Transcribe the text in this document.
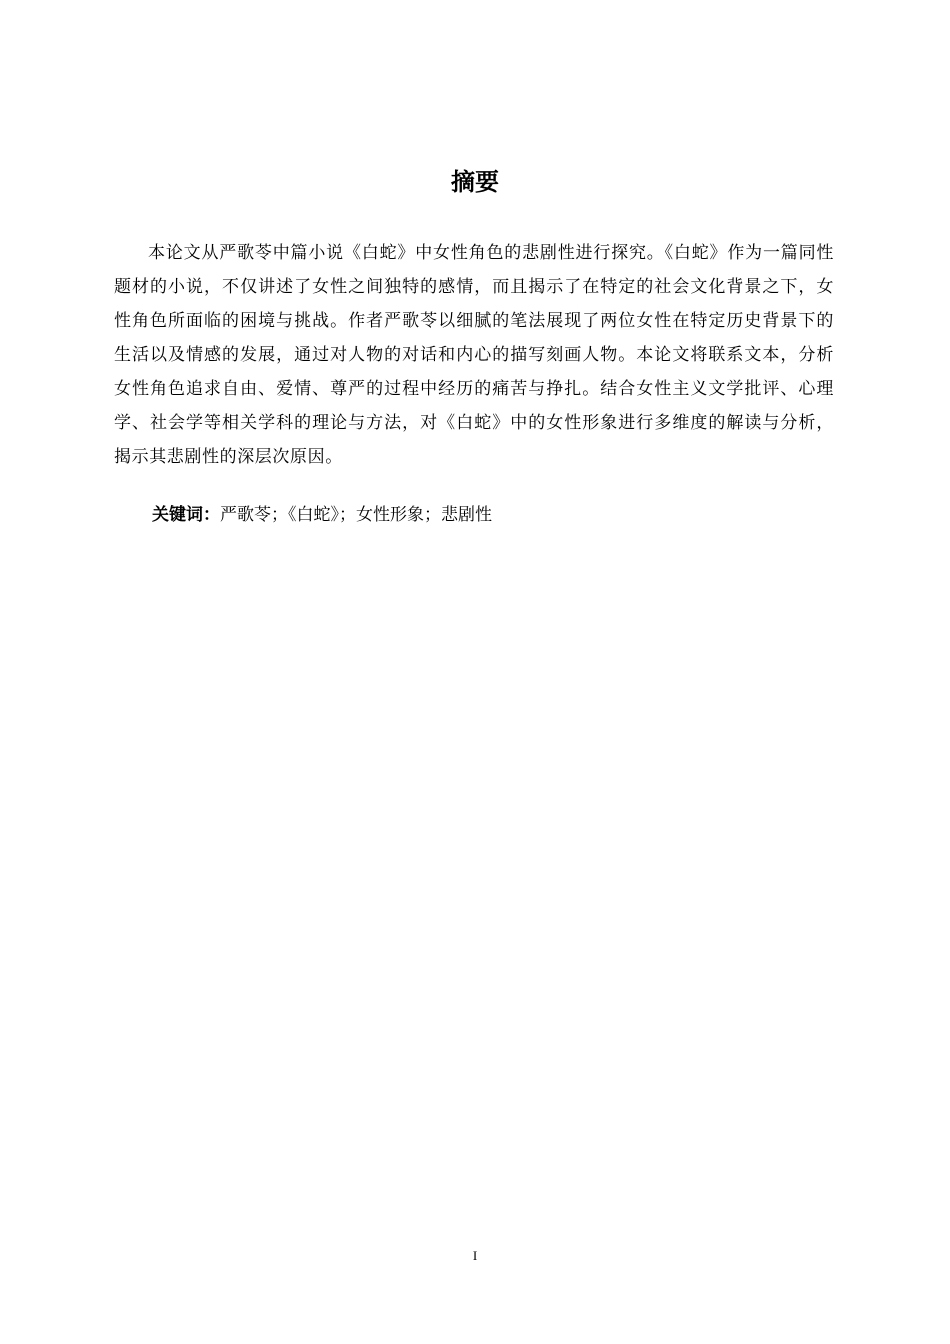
摘要

本论文从严歌苓中篇小说《白蛇》中女性角色的悲剧性进行探究。《白蛇》作为一篇同性题材的小说，不仅讲述了女性之间独特的感情，而且揭示了在特定的社会文化背景之下，女性角色所面临的困境与挑战。作者严歌苓以细腻的笔法展现了两位女性在特定历史背景下的生活以及情感的发展，通过对人物的对话和内心的描写刻画人物。本论文将联系文本，分析女性角色追求自由、爱情、尊严的过程中经历的痛苦与挣扎。结合女性主义文学批评、心理学、社会学等相关学科的理论与方法，对《白蛇》中的女性形象进行多维度的解读与分析，揭示其悲剧性的深层次原因。

关键词：严歌苓；《白蛇》；女性形象；悲剧性
I
